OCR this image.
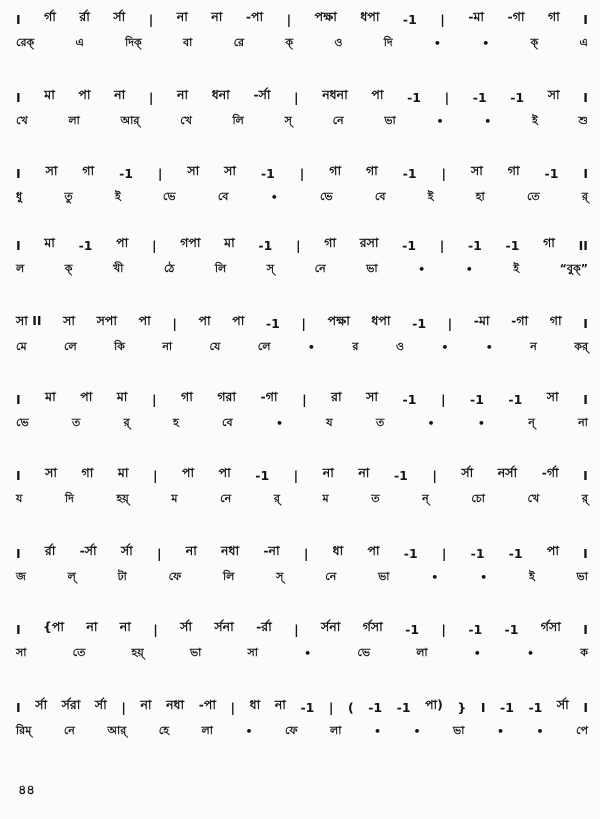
I র্গা র্রা র্সা | না না -পা | পক্ষা ধপা -1 | -মা -গা গা I
রেক্	এ	দিক্	বা	রে	ক্	ও	দি	•	•	ক্	এ
I মা পা না | না ধনা -র্সা | নধনা পা -1 | -1 -1 সা I
খে	লা	আর্	খে	লি	স্	নে	ভা	•	•	ই	শু
I সা গা -1 | সা সা -1 | গা গা -1 | সা গা -1 I
ধু	তু	ই	ভে	বে	•	ভে	বে	ই	হা	তে	র্
I মা -1 পা | গপা মা -1 | গা রসা -1 | -1 -1 গা II
ল	ক্	খী	ঠে	লি	স্	নে	ভা	•	•	ই	“বুক্”
সা II সা সপা পা | পা পা -1 | পক্ষা ধপা -1 | -মা -গা গা I
মে	লে	কি	না	যে	লে	•	র	ও	•	•	ন	কর্
I মা পা মা | গা গরা -গা | রা সা -1 | -1 -1 সা I
ভে	ত	র্	হ	বে	•	য	ত	•	•	ন্	না
I সা গা মা | পা পা -1 | না না -1 | র্সা নর্সা -র্গা I
য	দি	হয়্	ম	নে	র্	ম	ত	ন্	চো	খে	র্
I র্রা -র্সা র্সা | না নধা -না | ধা পা -1 | -1 -1 পা I
জ	ল্	টা	ফে	লি	স্	নে	ভা	•	•	ই	ভা
I {পা না না | র্সা র্সনা -র্রা | র্সনা র্গসা -1 | -1 -1 র্গসা I
সা	তে	হয়্	ভা	সা	•	ভে	লা	•	•	ক
I র্সা র্সরা র্সা | না নধা -পা | ধা না -1 | ( -1 -1 পা) } I -1 -1 র্সা I
রিম্	নে	আর্	হে	লা	•	ফে	লা	•	•	ভা	•	•	পে
৪৪
